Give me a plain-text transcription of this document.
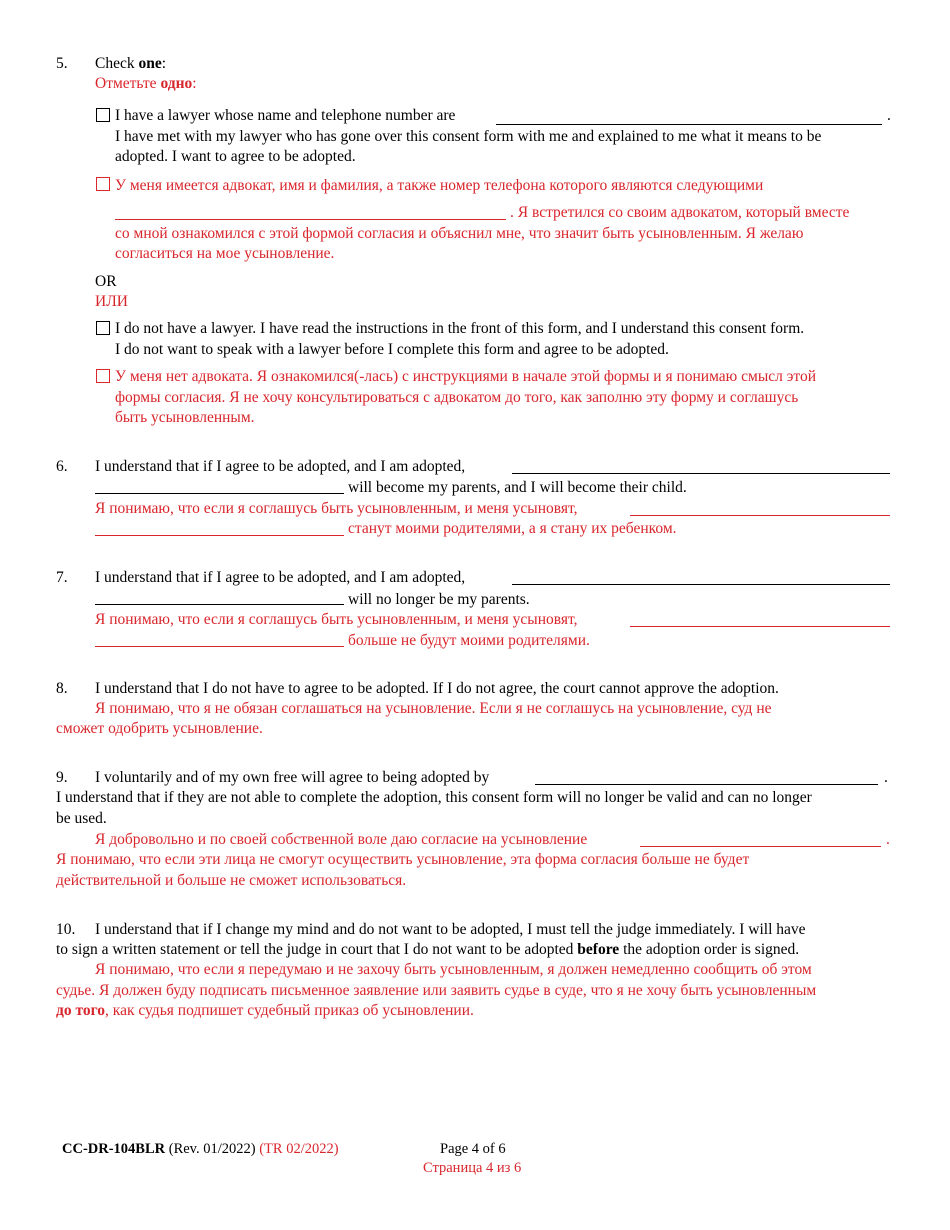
5. Check one:
Отметьте одно:
I have a lawyer whose name and telephone number are	.
I have met with my lawyer who has gone over this consent form with me and explained to me what it means to be
adopted. I want to agree to be adopted.
У меня имеется адвокат, имя и фамилия, а также номер телефона которого являются следующими
. Я встретился со своим адвокатом, который вместе
со мной ознакомился с этой формой согласия и объяснил мне, что значит быть усыновленным. Я желаю
согласиться на мое усыновление.
OR
ИЛИ
I do not have a lawyer. I have read the instructions in the front of this form, and I understand this consent form.
I do not want to speak with a lawyer before I complete this form and agree to be adopted.
У меня нет адвоката. Я ознакомился(-лась) с инструкциями в начале этой формы и я понимаю смысл этой
формы согласия. Я не хочу консультироваться с адвокатом до того, как заполню эту форму и соглашусь
быть усыновленным.
6. I understand that if I agree to be adopted, and I am adopted,
will become my parents, and I will become their child.
Я понимаю, что если я соглашусь быть усыновленным, и меня усыновят,
станут моими родителями, а я стану их ребенком.
7. I understand that if I agree to be adopted, and I am adopted,
will no longer be my parents.
Я понимаю, что если я соглашусь быть усыновленным, и меня усыновят,
больше не будут моими родителями.
8. I understand that I do not have to agree to be adopted. If I do not agree, the court cannot approve the adoption.
Я понимаю, что я не обязан соглашаться на усыновление. Если я не соглашусь на усыновление, суд не
сможет одобрить усыновление.
9. I voluntarily and of my own free will agree to being adopted by	.
I understand that if they are not able to complete the adoption, this consent form will no longer be valid and can no longer
be used.
Я добровольно и по своей собственной воле даю согласие на усыновление	.
Я понимаю, что если эти лица не смогут осуществить усыновление, эта форма согласия больше не будет
действительной и больше не сможет использоваться.
10. I understand that if I change my mind and do not want to be adopted, I must tell the judge immediately. I will have
to sign a written statement or tell the judge in court that I do not want to be adopted before the adoption order is signed.
Я понимаю, что если я передумаю и не захочу быть усыновленным, я должен немедленно сообщить об этом
судье. Я должен буду подписать письменное заявление или заявить судье в суде, что я не хочу быть усыновленным
до того, как судья подпишет судебный приказ об усыновлении.
CC-DR-104BLR (Rev. 01/2022) (TR 02/2022)	Page 4 of 6
Страница 4 из 6
